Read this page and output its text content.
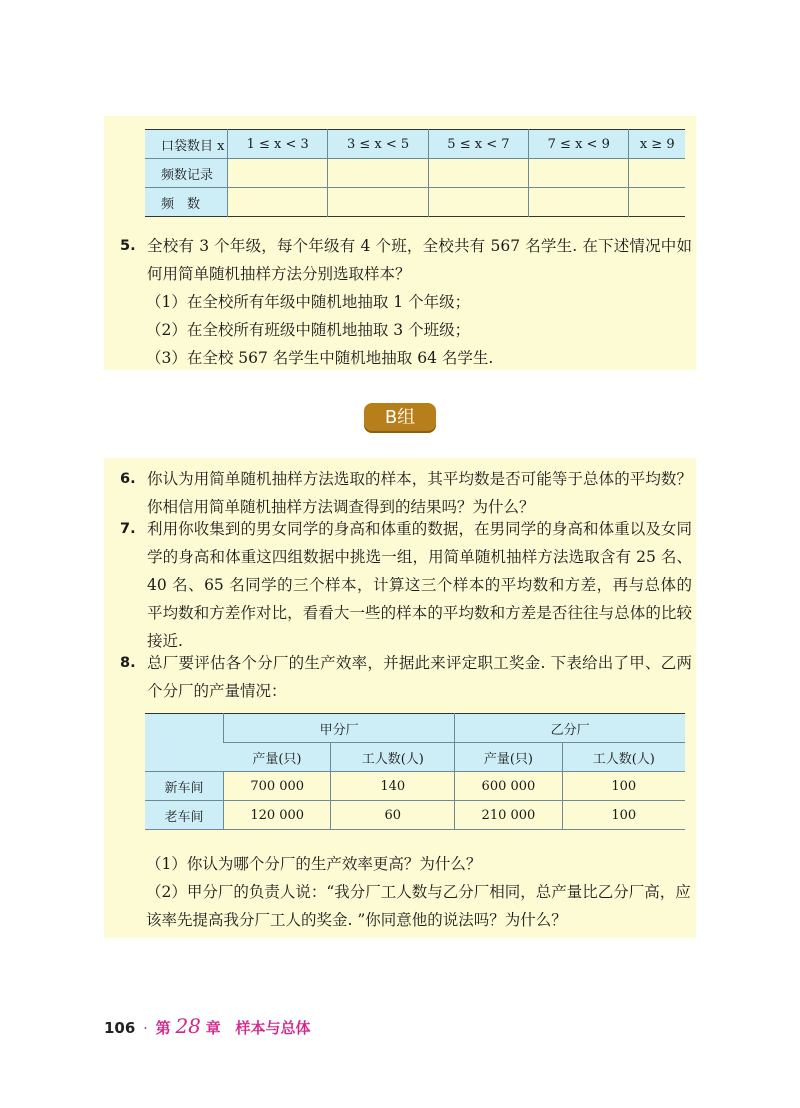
口袋数目 x	1 ≤ x < 3	3 ≤ x < 5	5 ≤ x < 7	7 ≤ x < 9	x ≥ 9
频数记录					
频　数					
5. 全校有 3 个年级，每个年级有 4 个班，全校共有 567 名学生. 在下述情况中如何用简单随机抽样方法分别选取样本？
（1）在全校所有年级中随机地抽取 1 个年级；
（2）在全校所有班级中随机地抽取 3 个班级；
（3）在全校 567 名学生中随机地抽取 64 名学生.
B组
6. 你认为用简单随机抽样方法选取的样本，其平均数是否可能等于总体的平均数？你相信用简单随机抽样方法调查得到的结果吗？为什么？
7. 利用你收集到的男女同学的身高和体重的数据，在男同学的身高和体重以及女同学的身高和体重这四组数据中挑选一组，用简单随机抽样方法选取含有 25 名、40 名、65 名同学的三个样本，计算这三个样本的平均数和方差，再与总体的平均数和方差作对比，看看大一些的样本的平均数和方差是否往往与总体的比较接近.
8. 总厂要评估各个分厂的生产效率，并据此来评定职工奖金. 下表给出了甲、乙两个分厂的产量情况：
	甲分厂		乙分厂	
	产量(只)	工人数(人)	产量(只)	工人数(人)
新车间	700 000	140	600 000	100
老车间	120 000	60	210 000	100
（1）你认为哪个分厂的生产效率更高？为什么？
（2）甲分厂的负责人说：“我分厂工人数与乙分厂相同，总产量比乙分厂高，应该率先提高我分厂工人的奖金. ”你同意他的说法吗？为什么？
106 · 第 28 章 样本与总体
